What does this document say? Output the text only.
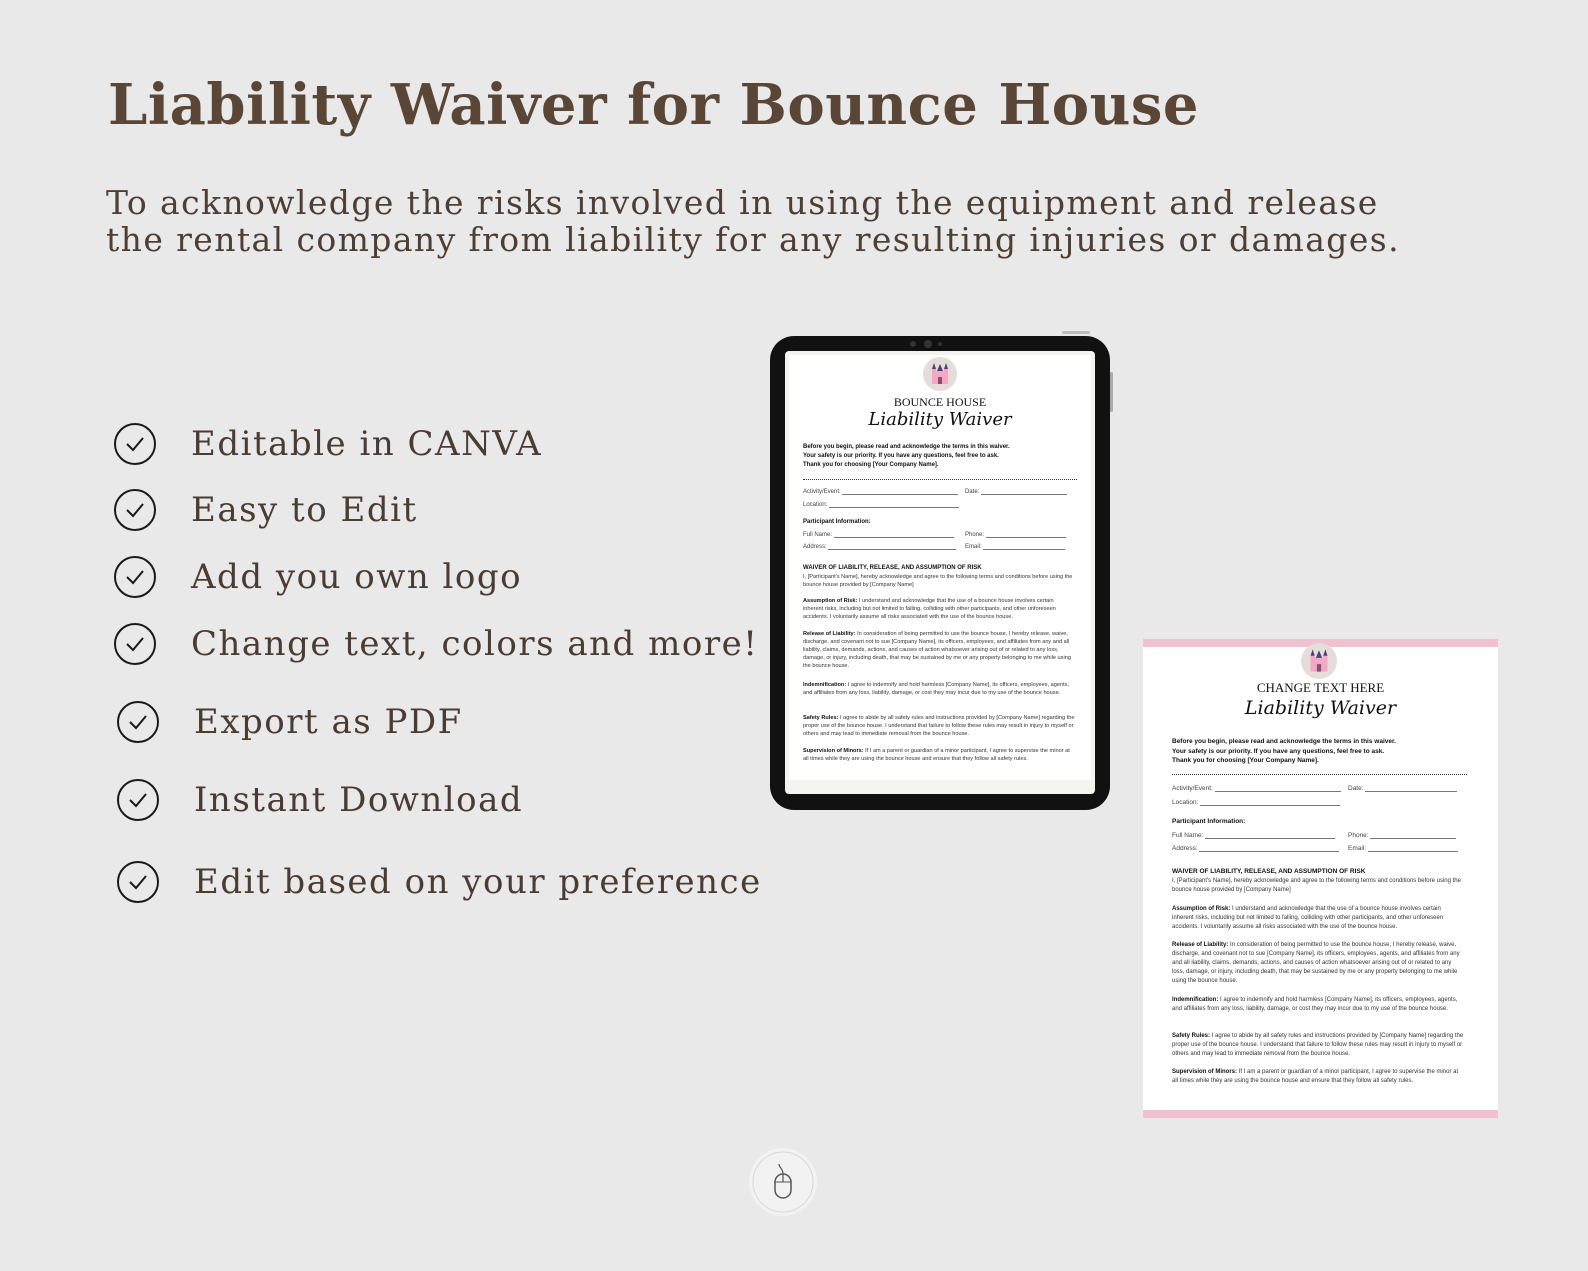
Liability Waiver for Bounce House
To acknowledge the risks involved in using the equipment and release the rental company from liability for any resulting injuries or damages.
Editable in CANVA
Easy to Edit
Add you own logo
Change text, colors and more!
Export as PDF
Instant Download
Edit based on your preference
BOUNCE HOUSE
Liability Waiver
Before you begin, please read and acknowledge the terms in this waiver.
Your safety is our priority. If you have any questions, feel free to ask.
Thank you for choosing [Your Company Name].
Activity/Event:	Date:
Location:
Participant Information:
Full Name:	Phone:
Address:	Email:
WAIVER OF LIABILITY, RELEASE, AND ASSUMPTION OF RISK
I, [Participant's Name], hereby acknowledge and agree to the following terms and conditions before using the bounce house provided by [Company Name]
Assumption of Risk: I understand and acknowledge that the use of a bounce house involves certain inherent risks, including but not limited to falling, colliding with other participants, and other unforeseen accidents. I voluntarily assume all risks associated with the use of the bounce house.
Release of Liability: In consideration of being permitted to use the bounce house, I hereby release, waive, discharge, and covenant not to sue [Company Name], its officers, employees, and affiliates from any and all liability, claims, demands, actions, and causes of action whatsoever arising out of or related to any loss, damage, or injury, including death, that may be sustained by me or any property belonging to me while using the bounce house.
Indemnification: I agree to indemnify and hold harmless [Company Name], its officers, employees, agents, and affiliates from any loss, liability, damage, or cost they may incur due to my use of the bounce house.
Safety Rules: I agree to abide by all safety rules and instructions provided by [Company Name] regarding the proper use of the bounce house. I understand that failure to follow these rules may result in injury to myself or others and may lead to immediate removal from the bounce house.
Supervision of Minors: If I am a parent or guardian of a minor participant, I agree to supervise the minor at all times while they are using the bounce house and ensure that they follow all safety rules.
CHANGE TEXT HERE
Liability Waiver
Before you begin, please read and acknowledge the terms in this waiver.
Your safety is our priority. If you have any questions, feel free to ask.
Thank you for choosing [Your Company Name].
Activity/Event:	Date:
Location:
Participant Information:
Full Name:	Phone:
Address:	Email:
WAIVER OF LIABILITY, RELEASE, AND ASSUMPTION OF RISK
I, [Participant's Name], hereby acknowledge and agree to the following terms and conditions before using the bounce house provided by [Company Name]
Assumption of Risk: I understand and acknowledge that the use of a bounce house involves certain inherent risks, including but not limited to falling, colliding with other participants, and other unforeseen accidents. I voluntarily assume all risks associated with the use of the bounce house.
Release of Liability: In consideration of being permitted to use the bounce house, I hereby release, waive, discharge, and covenant not to sue [Company Name], its officers, employees, agents, and affiliates from any and all liability, claims, demands, actions, and causes of action whatsoever arising out of or related to any loss, damage, or injury, including death, that may be sustained by me or any property belonging to me while using the bounce house.
Indemnification: I agree to indemnify and hold harmless [Company Name], its officers, employees, agents, and affiliates from any loss, liability, damage, or cost they may incur due to my use of the bounce house.
Safety Rules: I agree to abide by all safety rules and instructions provided by [Company Name] regarding the proper use of the bounce house. I understand that failure to follow these rules may result in injury to myself or others and may lead to immediate removal from the bounce house.
Supervision of Minors: If I am a parent or guardian of a minor participant, I agree to supervise the minor at all times while they are using the bounce house and ensure that they follow all safety rules.
